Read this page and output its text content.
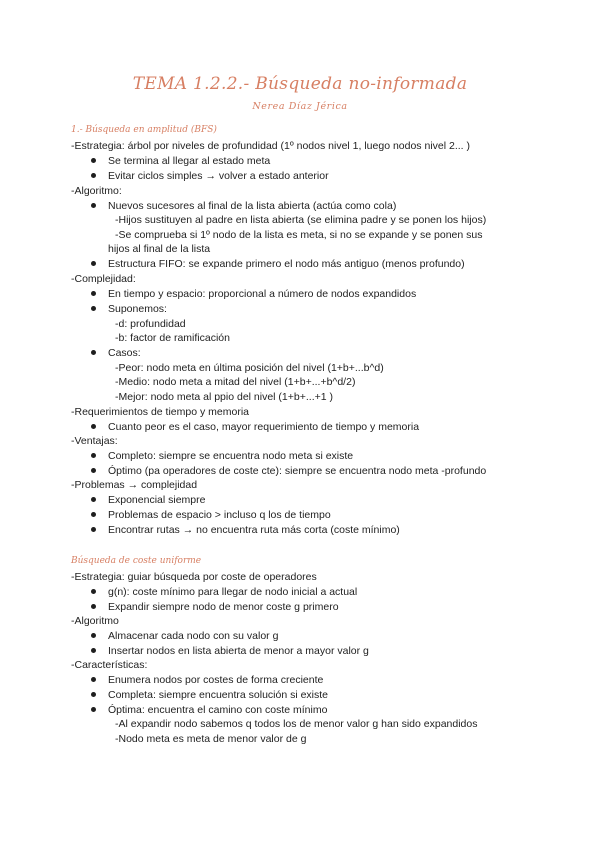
TEMA 1.2.2.- Búsqueda no-informada
Nerea Díaz Jérica
1.- Búsqueda en amplitud (BFS)
-Estrategia: árbol por niveles de profundidad (1º nodos nivel 1, luego nodos nivel 2... )
Se termina al llegar al estado meta
Evitar ciclos simples → volver a estado anterior
-Algoritmo:
Nuevos sucesores al final de la lista abierta (actúa como cola)
-Hijos sustituyen al padre en lista abierta (se elimina padre y se ponen los hijos)
-Se comprueba si 1º nodo de la lista es meta, si no se expande y se ponen sus
hijos al final de la lista
Estructura FIFO: se expande primero el nodo más antiguo (menos profundo)
-Complejidad:
En tiempo y espacio: proporcional a número de nodos expandidos
Suponemos:
-d: profundidad
-b: factor de ramificación
Casos:
-Peor: nodo meta en última posición del nivel (1+b+...b^d)
-Medio: nodo meta a mitad del nivel (1+b+...+b^d/2)
-Mejor: nodo meta al ppio del nivel (1+b+...+1 )
-Requerimientos de tiempo y memoria
Cuanto peor es el caso, mayor requerimiento de tiempo y memoria
-Ventajas:
Completo: siempre se encuentra nodo meta si existe
Óptimo (pa operadores de coste cte): siempre se encuentra nodo meta -profundo
-Problemas → complejidad
Exponencial siempre
Problemas de espacio > incluso q los de tiempo
Encontrar rutas → no encuentra ruta más corta (coste mínimo)
Búsqueda de coste uniforme
-Estrategia: guiar búsqueda por coste de operadores
g(n): coste mínimo para llegar de nodo inicial a actual
Expandir siempre nodo de menor coste g primero
-Algoritmo
Almacenar cada nodo con su valor g
Insertar nodos en lista abierta de menor a mayor valor g
-Características:
Enumera nodos por costes de forma creciente
Completa: siempre encuentra solución si existe
Óptima: encuentra el camino con coste mínimo
-Al expandir nodo sabemos q todos los de menor valor g han sido expandidos
-Nodo meta es meta de menor valor de g
